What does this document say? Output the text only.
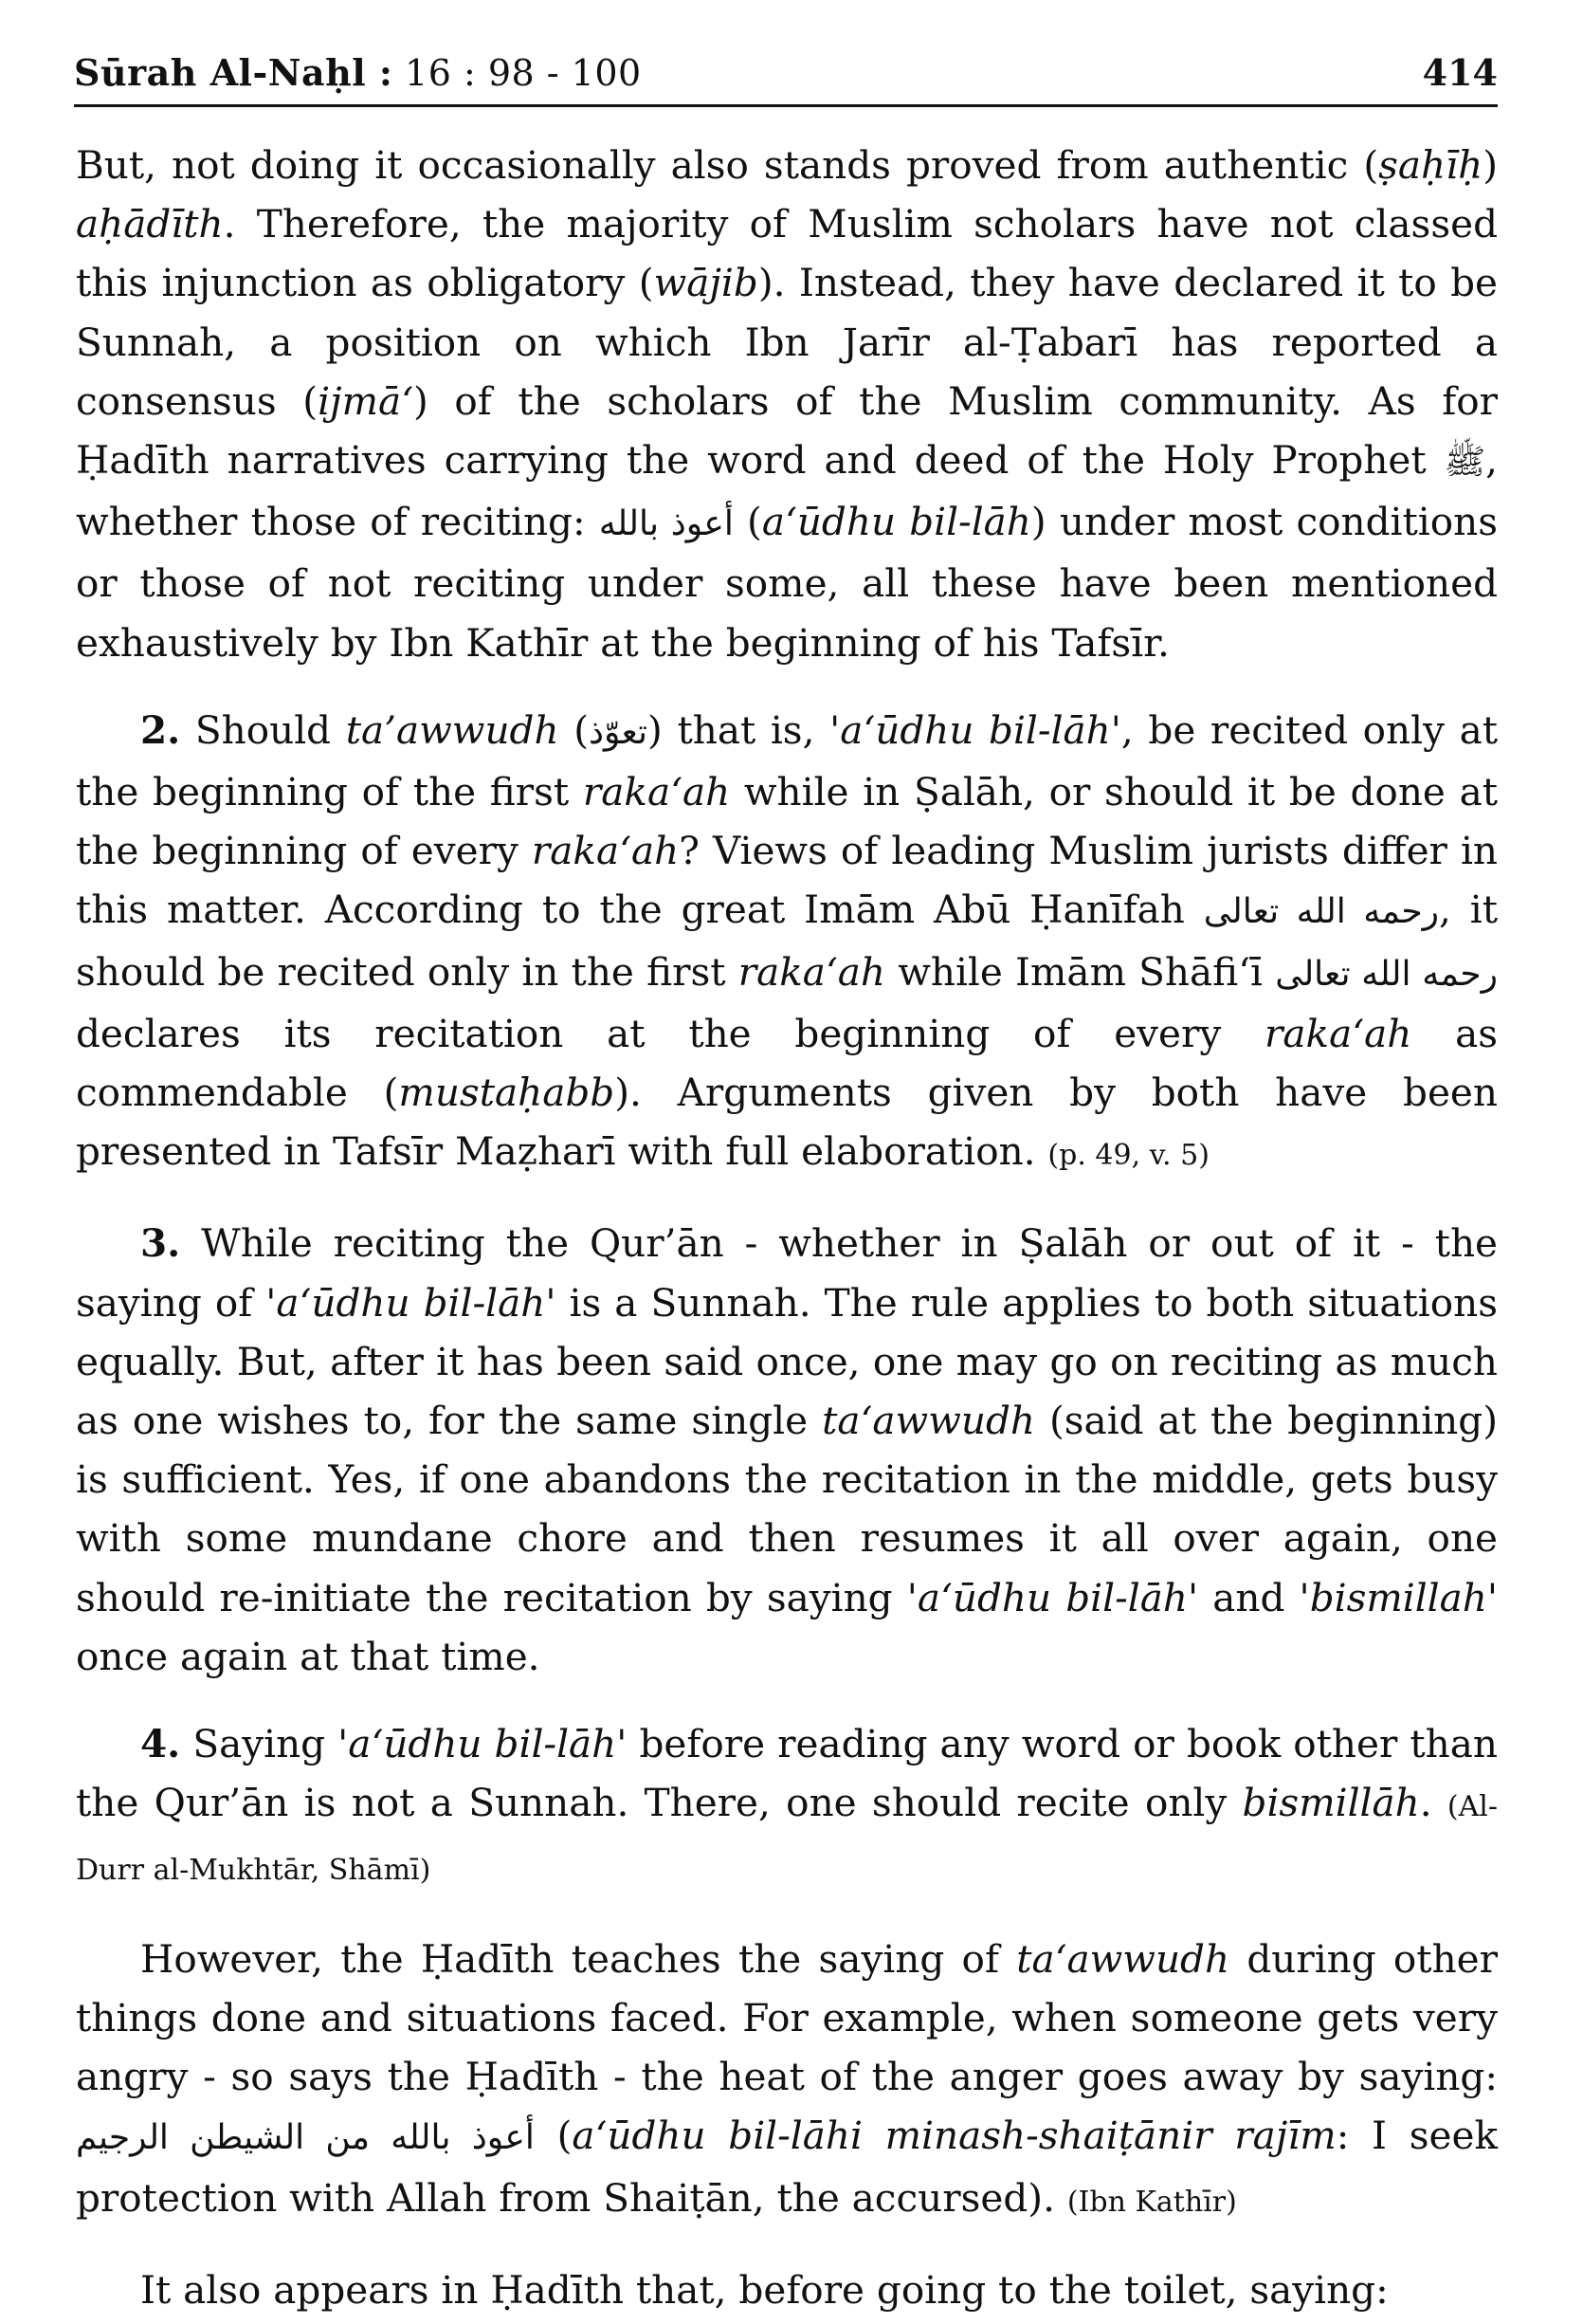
Sūrah Al-Naḥl : 16 : 98 - 100	414

But, not doing it occasionally also stands proved from authentic (ṣaḥīḥ) aḥādīth. Therefore, the majority of Muslim scholars have not classed this injunction as obligatory (wājib). Instead, they have declared it to be Sunnah, a position on which Ibn Jarīr al-Ṭabarī has reported a consensus (ijmā‘) of the scholars of the Muslim community. As for Ḥadīth narratives carrying the word and deed of the Holy Prophet ﷺ, whether those of reciting: أعوذ بالله (a‘ūdhu bil-lāh) under most conditions or those of not reciting under some, all these have been mentioned exhaustively by Ibn Kathīr at the beginning of his Tafsīr.

2. Should ta’awwudh (تعوّذ) that is, 'a‘ūdhu bil-lāh', be recited only at the beginning of the first raka‘ah while in Ṣalāh, or should it be done at the beginning of every raka‘ah? Views of leading Muslim jurists differ in this matter. According to the great Imām Abū Ḥanīfah رحمه الله تعالى, it should be recited only in the first raka‘ah while Imām Shāfi‘ī رحمه الله تعالى declares its recitation at the beginning of every raka‘ah as commendable (mustaḥabb). Arguments given by both have been presented in Tafsīr Maẓharī with full elaboration. (p. 49, v. 5)

3. While reciting the Qur’ān - whether in Ṣalāh or out of it - the saying of 'a‘ūdhu bil-lāh' is a Sunnah. The rule applies to both situations equally. But, after it has been said once, one may go on reciting as much as one wishes to, for the same single ta‘awwudh (said at the beginning) is sufficient. Yes, if one abandons the recitation in the middle, gets busy with some mundane chore and then resumes it all over again, one should re-initiate the recitation by saying 'a‘ūdhu bil-lāh' and 'bismillah' once again at that time.

4. Saying 'a‘ūdhu bil-lāh' before reading any word or book other than the Qur’ān is not a Sunnah. There, one should recite only bismillāh. (Al-Durr al-Mukhtār, Shāmī)

However, the Ḥadīth teaches the saying of ta‘awwudh during other things done and situations faced. For example, when someone gets very angry - so says the Ḥadīth - the heat of the anger goes away by saying: أعوذ بالله من الشيطن الرجيم (a‘ūdhu bil-lāhi minash-shaiṭānir rajīm: I seek protection with Allah from Shaiṭān, the accursed). (Ibn Kathīr)

It also appears in Ḥadīth that, before going to the toilet, saying:
